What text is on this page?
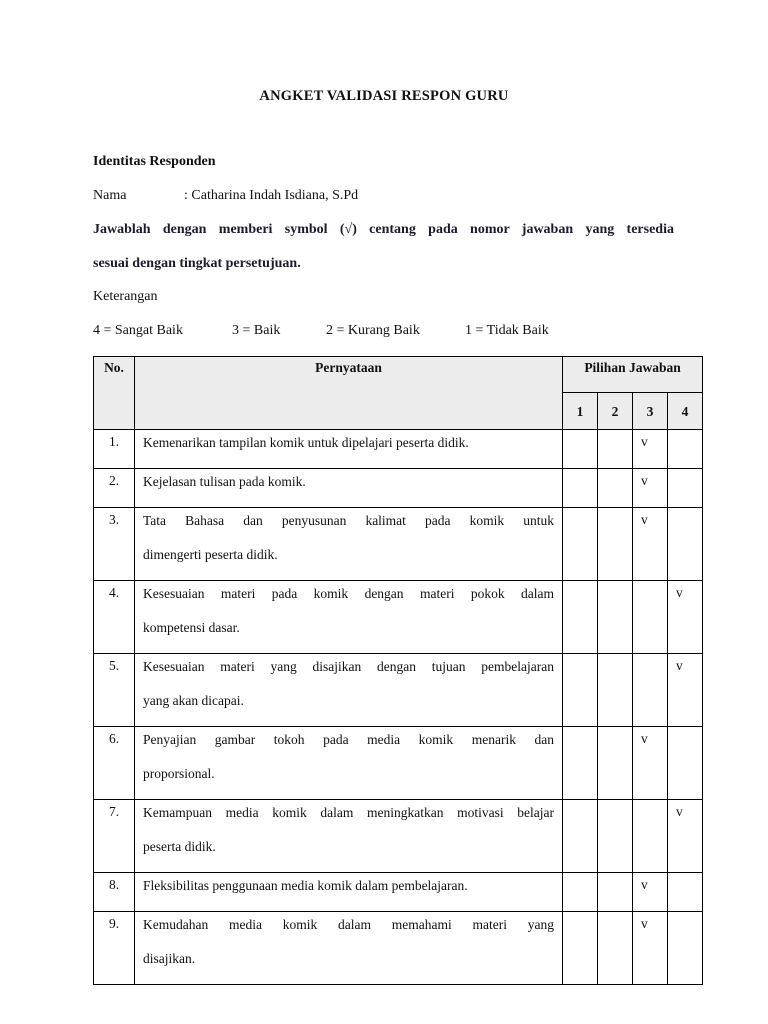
ANGKET VALIDASI RESPON GURU
Identitas Responden
Nama	: Catharina Indah Isdiana, S.Pd
Jawablah dengan memberi symbol (√) centang pada nomor jawaban yang tersedia
sesuai dengan tingkat persetujuan.
Keterangan
4 = Sangat Baik	3 = Baik	2 = Kurang Baik	1 = Tidak Baik
No.	Pernyataan	Pilihan Jawaban			
		1	2	3	4
1.	Kemenarikan tampilan komik untuk dipelajari peserta didik.			v	
2.	Kejelasan tulisan pada komik.			v	
3.	Tata Bahasa dan penyusunan kalimat pada komik untuk
dimengerti peserta didik.			v	
4.	Kesesuaian materi pada komik dengan materi pokok dalam
kompetensi dasar.				v
5.	Kesesuaian materi yang disajikan dengan tujuan pembelajaran
yang akan dicapai.				v
6.	Penyajian gambar tokoh pada media komik menarik dan
proporsional.			v	
7.	Kemampuan media komik dalam meningkatkan motivasi belajar
peserta didik.				v
8.	Fleksibilitas penggunaan media komik dalam pembelajaran.			v	
9.	Kemudahan media komik dalam memahami materi yang
disajikan.			v	
